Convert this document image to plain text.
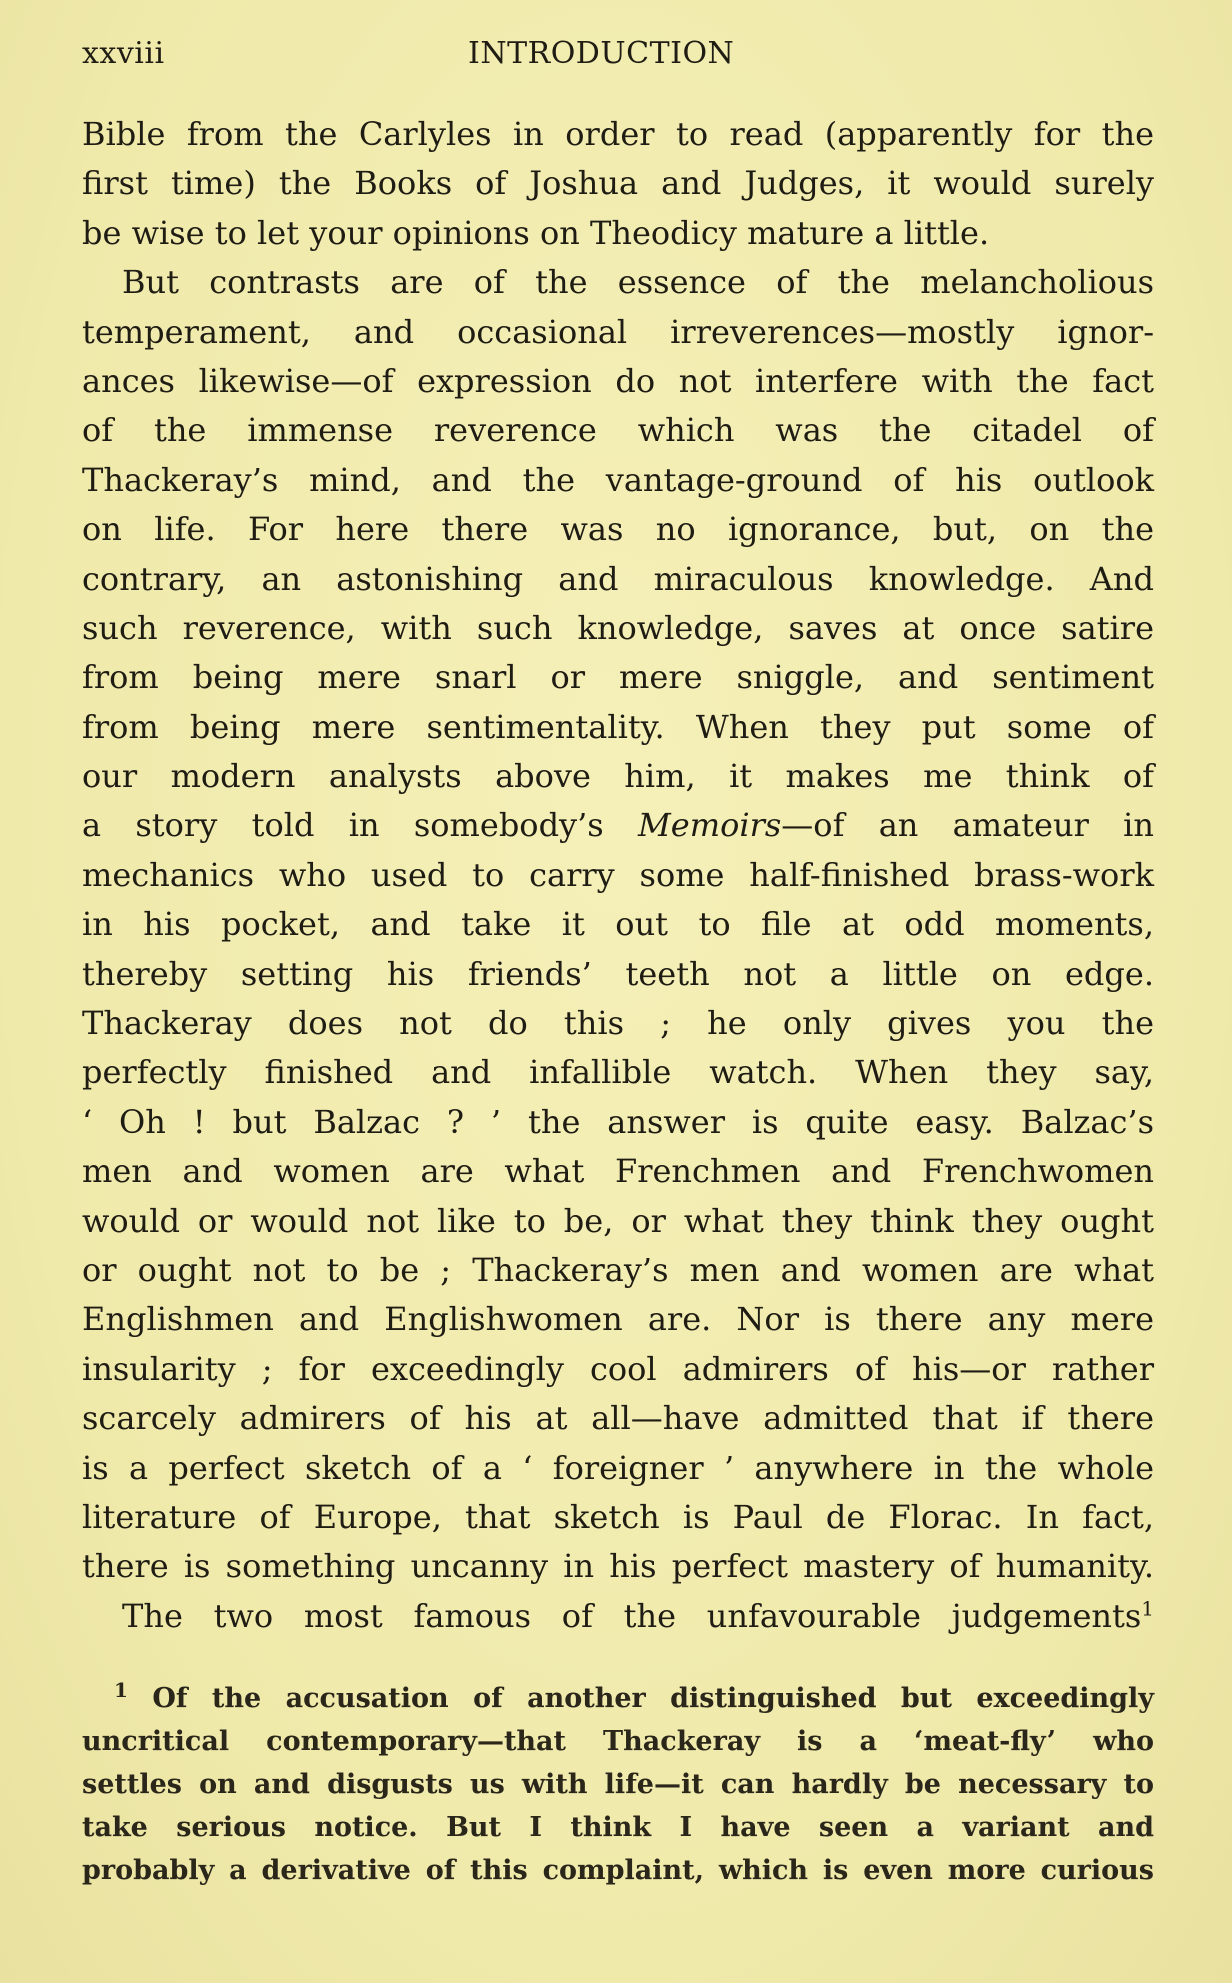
xxviii	INTRODUCTION
Bible from the Carlyles in order to read (apparently for the
first time) the Books of Joshua and Judges, it would surely
be wise to let your opinions on Theodicy mature a little.
But contrasts are of the essence of the melancholious
temperament, and occasional irreverences—mostly ignor-
ances likewise—of expression do not interfere with the fact
of the immense reverence which was the citadel of
Thackeray’s mind, and the vantage-ground of his outlook
on life. For here there was no ignorance, but, on the
contrary, an astonishing and miraculous knowledge. And
such reverence, with such knowledge, saves at once satire
from being mere snarl or mere sniggle, and sentiment
from being mere sentimentality. When they put some of
our modern analysts above him, it makes me think of
a story told in somebody’s Memoirs—of an amateur in
mechanics who used to carry some half-finished brass-work
in his pocket, and take it out to file at odd moments,
thereby setting his friends’ teeth not a little on edge.
Thackeray does not do this ; he only gives you the
perfectly finished and infallible watch. When they say,
‘ Oh ! but Balzac ? ’ the answer is quite easy. Balzac’s
men and women are what Frenchmen and Frenchwomen
would or would not like to be, or what they think they ought
or ought not to be ; Thackeray’s men and women are what
Englishmen and Englishwomen are. Nor is there any mere
insularity ; for exceedingly cool admirers of his—or rather
scarcely admirers of his at all—have admitted that if there
is a perfect sketch of a ‘ foreigner ’ anywhere in the whole
literature of Europe, that sketch is Paul de Florac. In fact,
there is something uncanny in his perfect mastery of humanity.
The two most famous of the unfavourable judgements$^1$
$^1$ Of the accusation of another distinguished but exceedingly
uncritical contemporary—that Thackeray is a ‘meat-fly’ who
settles on and disgusts us with life—it can hardly be necessary to
take serious notice. But I think I have seen a variant and
probably a derivative of this complaint, which is even more curious
